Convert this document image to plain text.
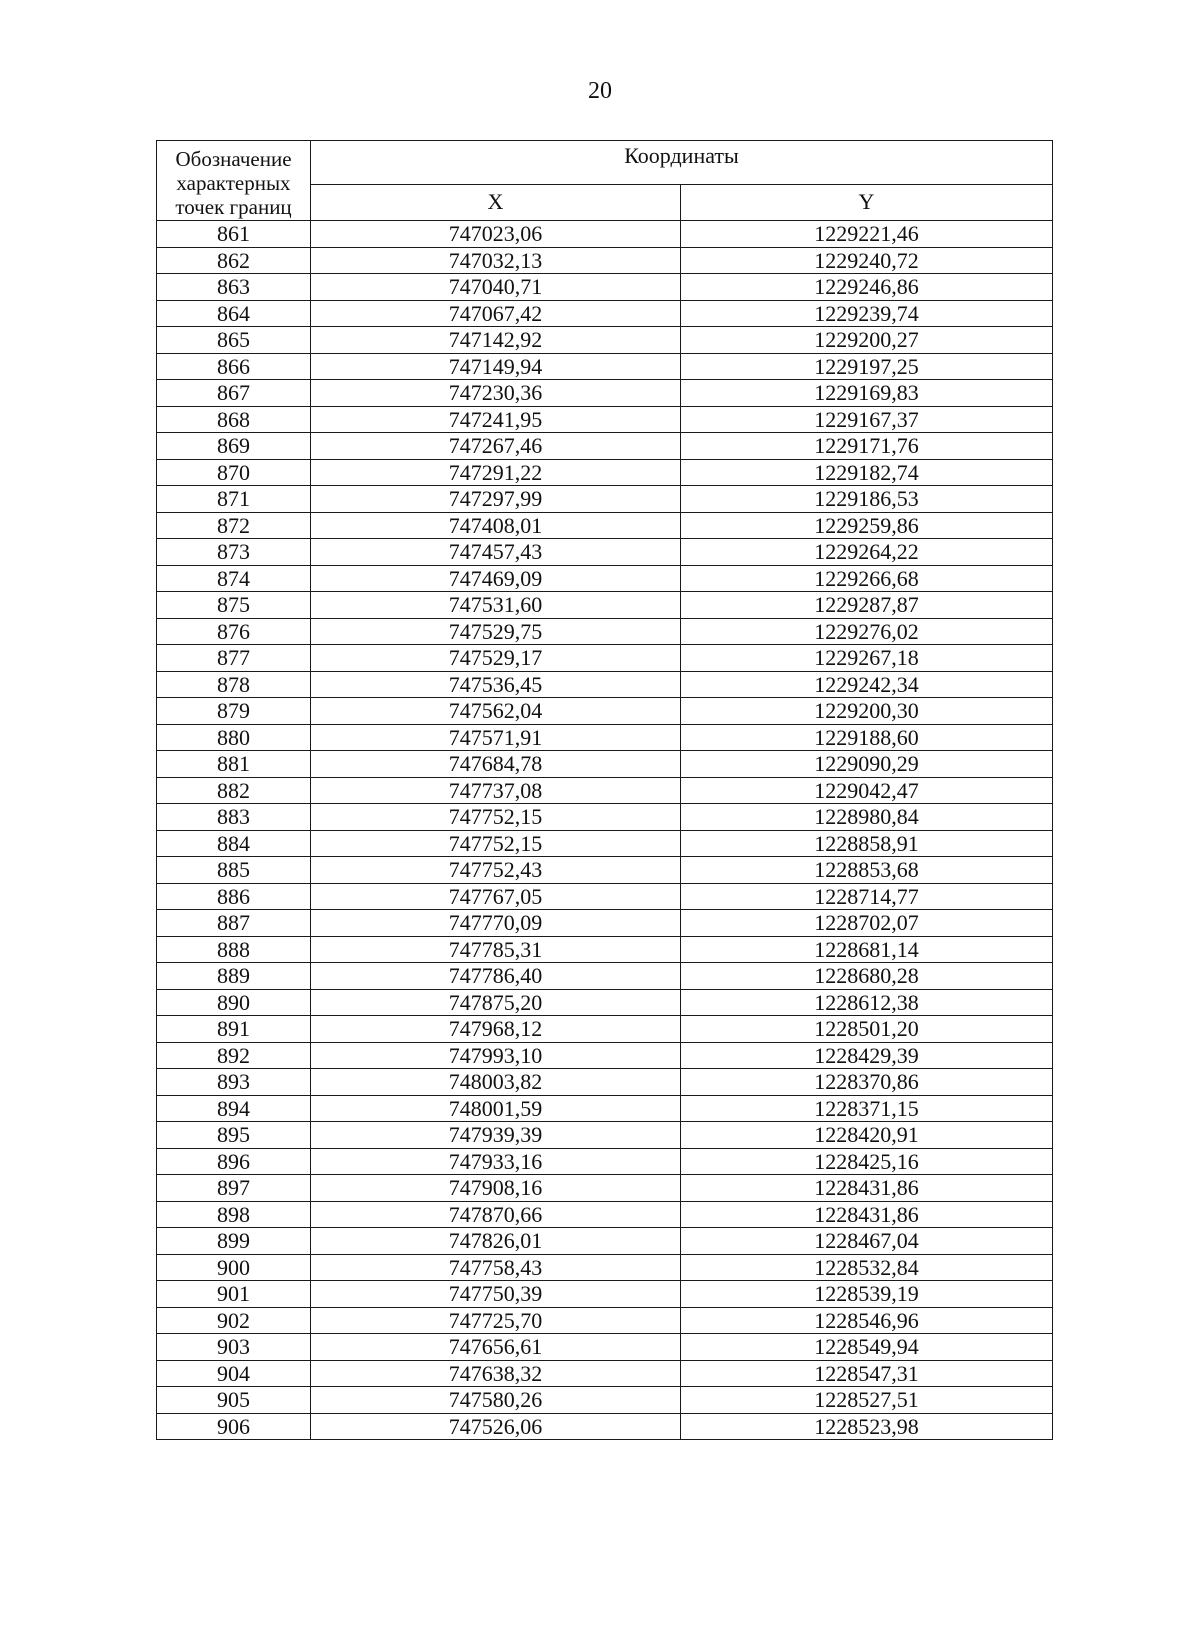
20
Обозначение характерных точек границ	Координаты	
	X	Y
861	747023,06	1229221,46
862	747032,13	1229240,72
863	747040,71	1229246,86
864	747067,42	1229239,74
865	747142,92	1229200,27
866	747149,94	1229197,25
867	747230,36	1229169,83
868	747241,95	1229167,37
869	747267,46	1229171,76
870	747291,22	1229182,74
871	747297,99	1229186,53
872	747408,01	1229259,86
873	747457,43	1229264,22
874	747469,09	1229266,68
875	747531,60	1229287,87
876	747529,75	1229276,02
877	747529,17	1229267,18
878	747536,45	1229242,34
879	747562,04	1229200,30
880	747571,91	1229188,60
881	747684,78	1229090,29
882	747737,08	1229042,47
883	747752,15	1228980,84
884	747752,15	1228858,91
885	747752,43	1228853,68
886	747767,05	1228714,77
887	747770,09	1228702,07
888	747785,31	1228681,14
889	747786,40	1228680,28
890	747875,20	1228612,38
891	747968,12	1228501,20
892	747993,10	1228429,39
893	748003,82	1228370,86
894	748001,59	1228371,15
895	747939,39	1228420,91
896	747933,16	1228425,16
897	747908,16	1228431,86
898	747870,66	1228431,86
899	747826,01	1228467,04
900	747758,43	1228532,84
901	747750,39	1228539,19
902	747725,70	1228546,96
903	747656,61	1228549,94
904	747638,32	1228547,31
905	747580,26	1228527,51
906	747526,06	1228523,98
